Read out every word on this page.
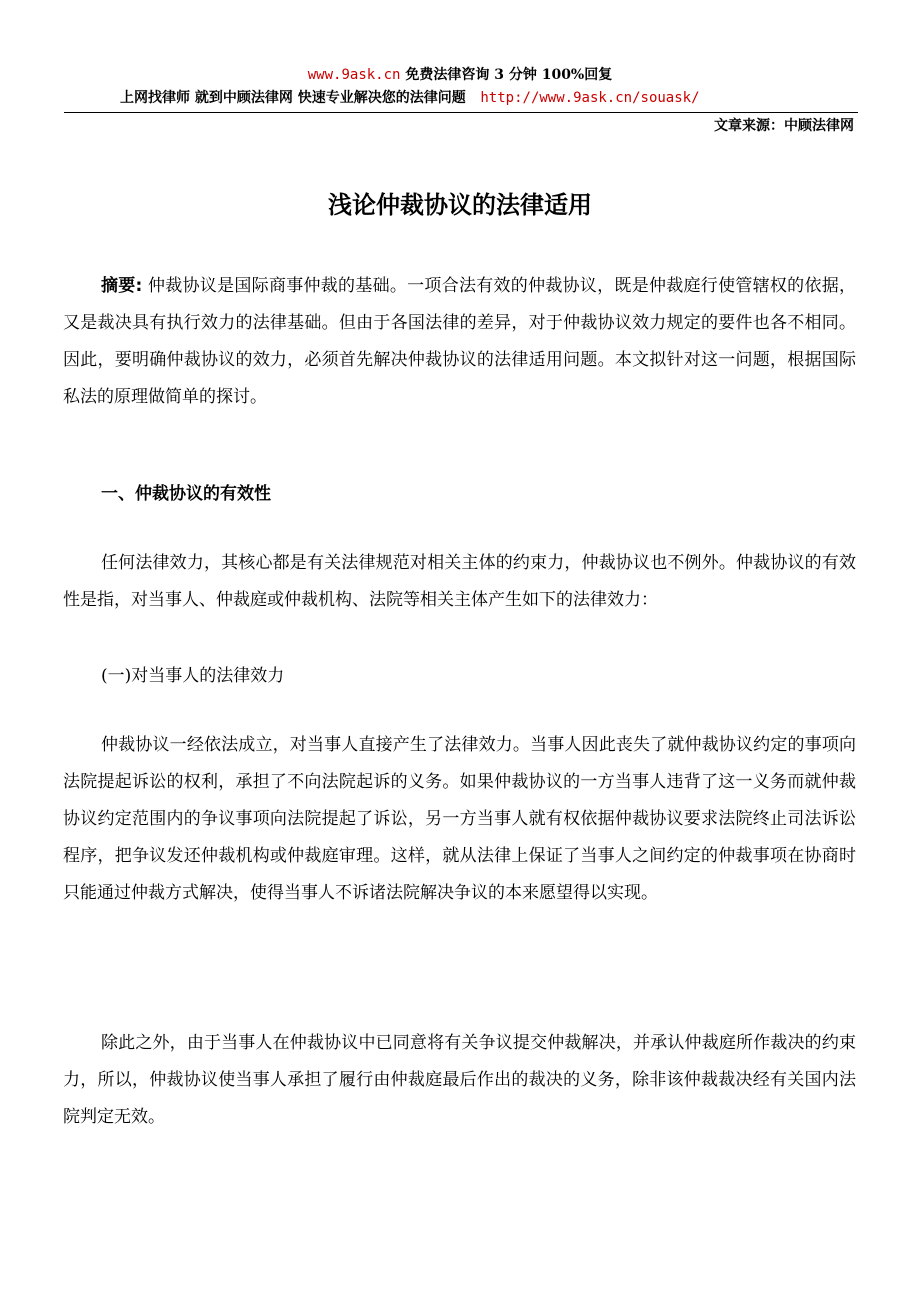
www.9ask.cn 免费法律咨询 3 分钟 100%回复
上网找律师 就到中顾法律网 快速专业解决您的法律问题 http://www.9ask.cn/souask/
文章来源：中顾法律网
浅论仲裁协议的法律适用
摘要: 仲裁协议是国际商事仲裁的基础。一项合法有效的仲裁协议，既是仲裁庭行使管辖权的依据，又是裁决具有执行效力的法律基础。但由于各国法律的差异，对于仲裁协议效力规定的要件也各不相同。因此，要明确仲裁协议的效力，必须首先解决仲裁协议的法律适用问题。本文拟针对这一问题，根据国际私法的原理做简单的探讨。
一、仲裁协议的有效性
任何法律效力，其核心都是有关法律规范对相关主体的约束力，仲裁协议也不例外。仲裁协议的有效性是指，对当事人、仲裁庭或仲裁机构、法院等相关主体产生如下的法律效力：
(一)对当事人的法律效力
仲裁协议一经依法成立，对当事人直接产生了法律效力。当事人因此丧失了就仲裁协议约定的事项向法院提起诉讼的权利，承担了不向法院起诉的义务。如果仲裁协议的一方当事人违背了这一义务而就仲裁协议约定范围内的争议事项向法院提起了诉讼，另一方当事人就有权依据仲裁协议要求法院终止司法诉讼程序，把争议发还仲裁机构或仲裁庭审理。这样，就从法律上保证了当事人之间约定的仲裁事项在协商时只能通过仲裁方式解决，使得当事人不诉诸法院解决争议的本来愿望得以实现。
除此之外，由于当事人在仲裁协议中已同意将有关争议提交仲裁解决，并承认仲裁庭所作裁决的约束力，所以，仲裁协议使当事人承担了履行由仲裁庭最后作出的裁决的义务，除非该仲裁裁决经有关国内法院判定无效。
